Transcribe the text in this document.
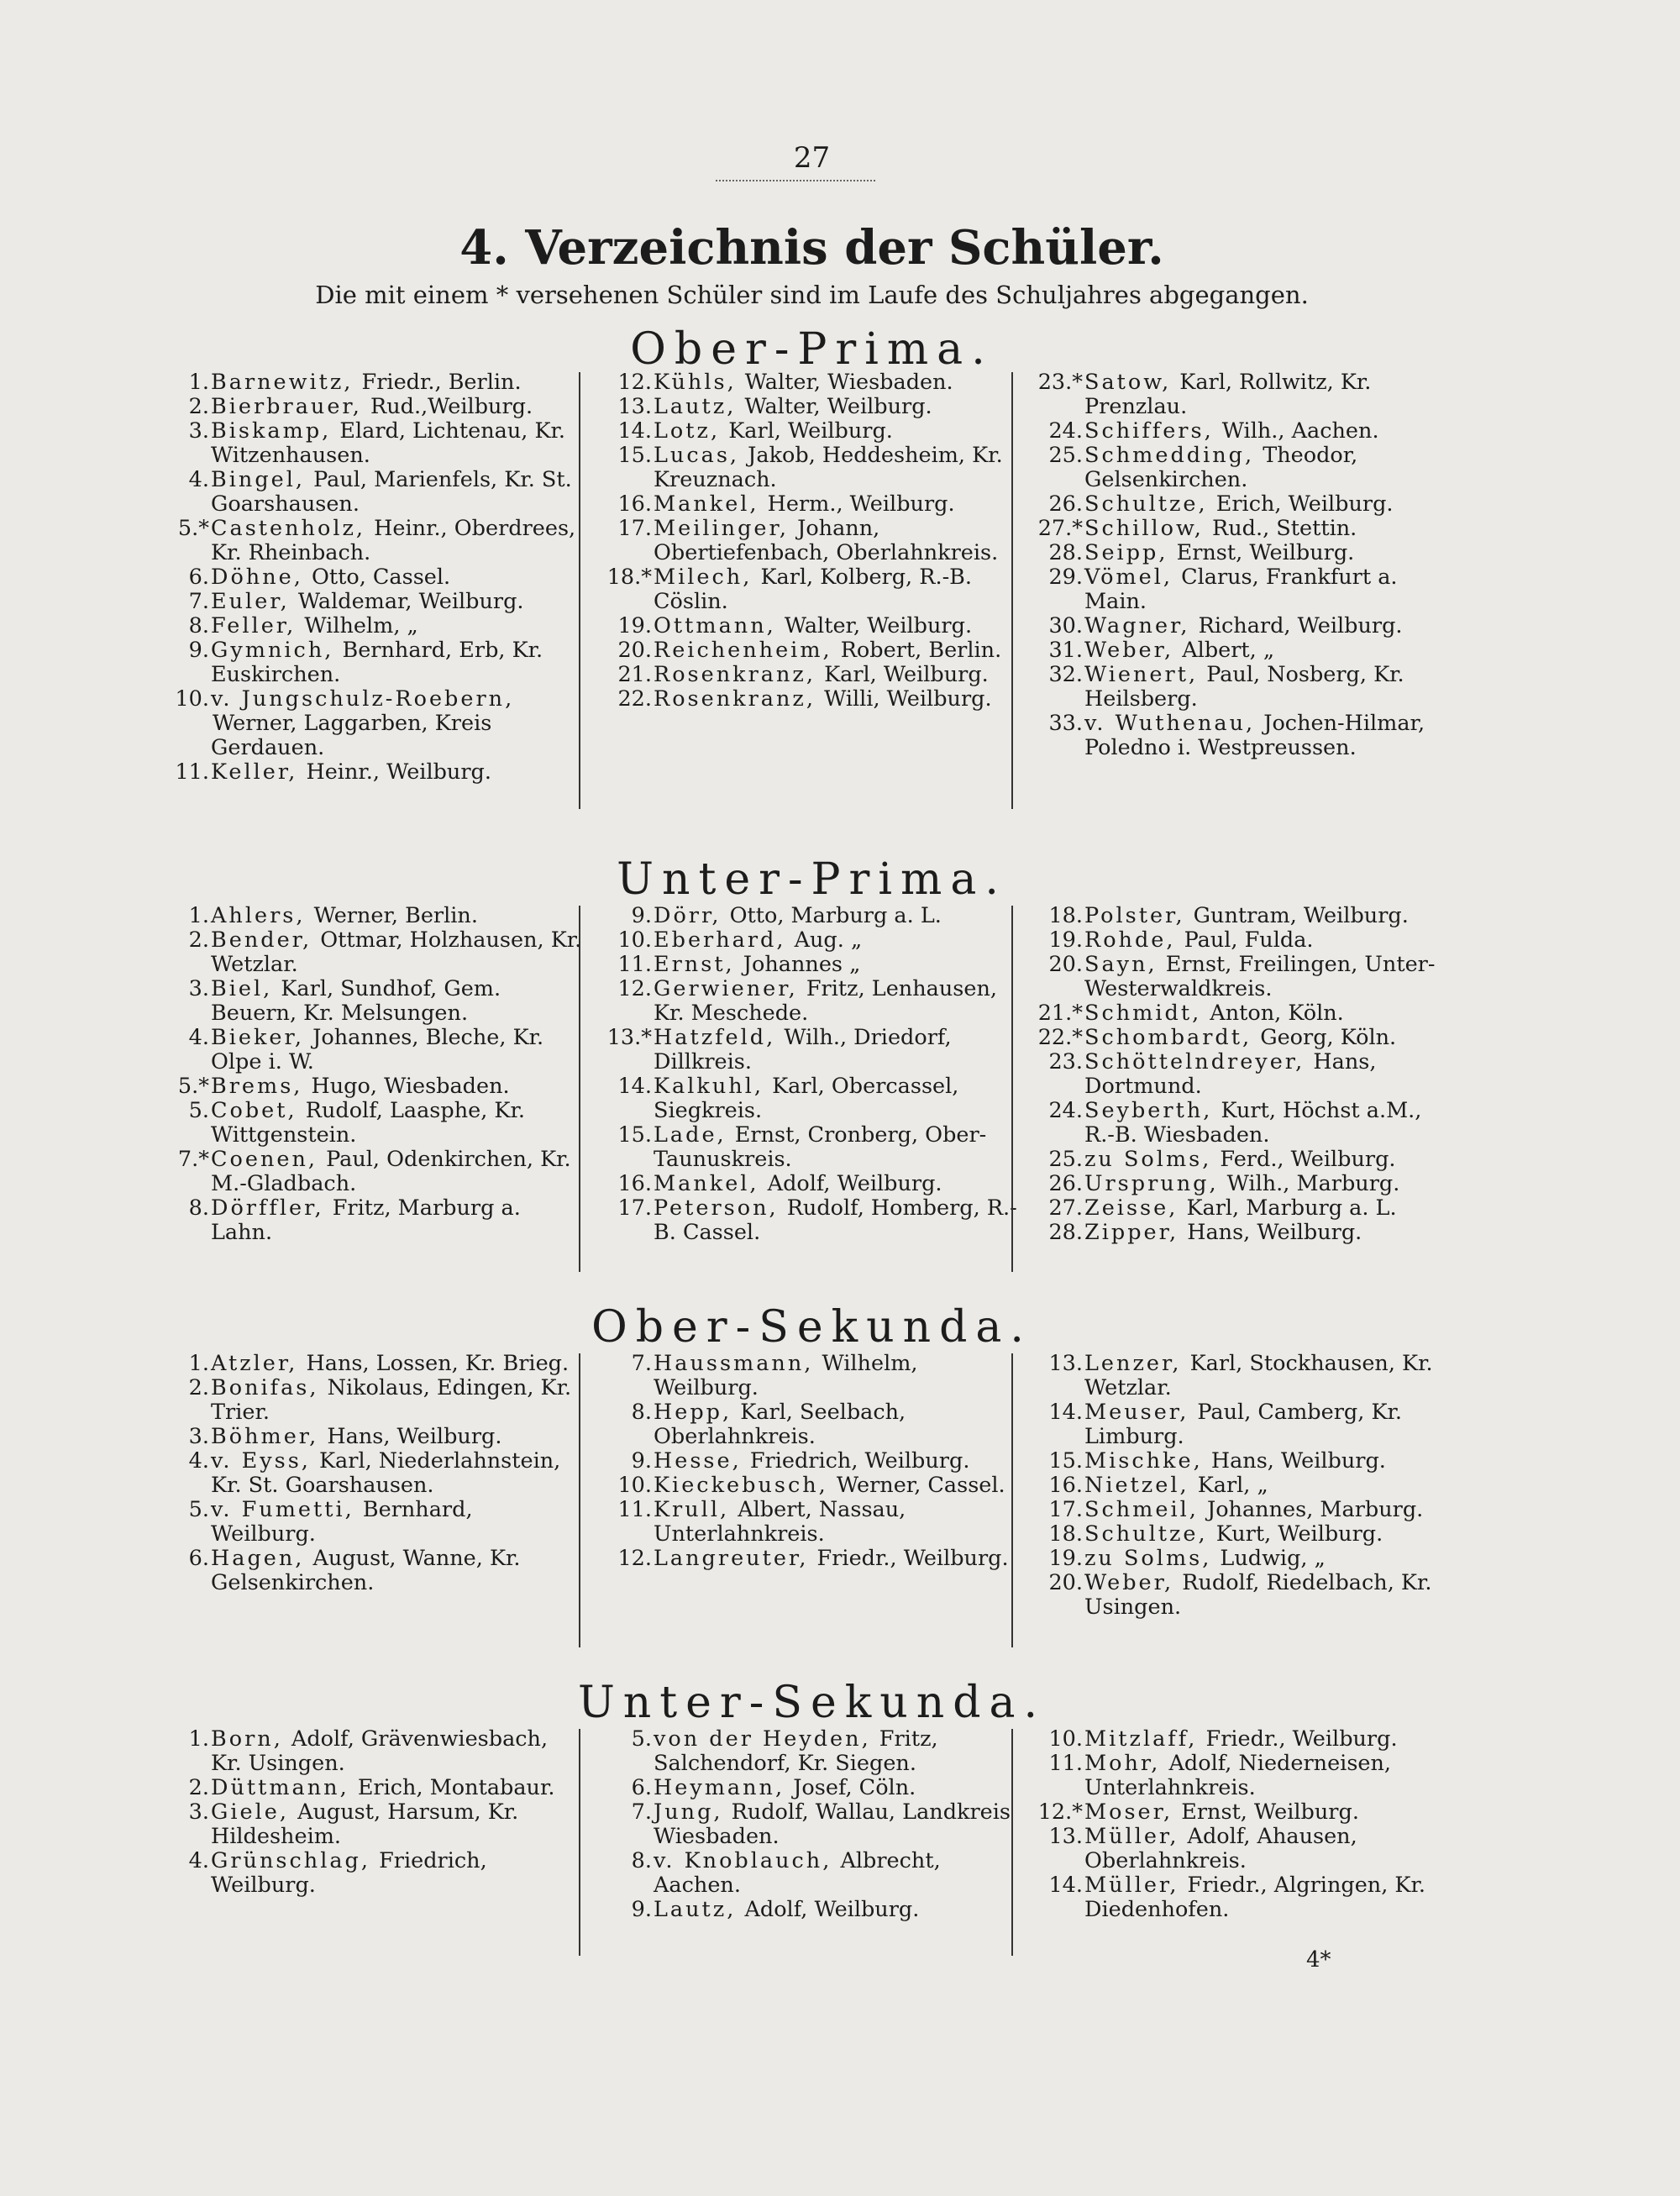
27
4. Verzeichnis der Schüler.

Die mit einem * versehenen Schüler sind im Laufe des Schuljahres abgegangen.

Ober-Prima.
1. Barnewitz, Friedr., Berlin.
2. Bierbrauer, Rud.,Weilburg.
3. Biskamp, Elard, Lichtenau, Kr. Witzenhausen.
4. Bingel, Paul, Marienfels, Kr. St. Goarshausen.
5.* Castenholz, Heinr., Oberdrees, Kr. Rheinbach.
6. Döhne, Otto, Cassel.
7. Euler, Waldemar, Weilburg.
8. Feller, Wilhelm, „
9. Gymnich, Bernhard, Erb, Kr. Euskirchen.
10. v. Jungschulz-Roebern, Werner, Laggarben, Kreis Gerdauen.
11. Keller, Heinr., Weilburg.
12. Kühls, Walter, Wiesbaden.
13. Lautz, Walter, Weilburg.
14. Lotz, Karl, Weilburg.
15. Lucas, Jakob, Heddesheim, Kr. Kreuznach.
16. Mankel, Herm., Weilburg.
17. Meilinger, Johann, Obertiefenbach, Oberlahnkreis.
18.* Milech, Karl, Kolberg, R.-B. Cöslin.
19. Ottmann, Walter, Weilburg.
20. Reichenheim, Robert, Berlin.
21. Rosenkranz, Karl, Weilburg.
22. Rosenkranz, Willi, Weilburg.
23.* Satow, Karl, Rollwitz, Kr. Prenzlau.
24. Schiffers, Wilh., Aachen.
25. Schmedding, Theodor, Gelsenkirchen.
26. Schultze, Erich, Weilburg.
27.* Schillow, Rud., Stettin.
28. Seipp, Ernst, Weilburg.
29. Vömel, Clarus, Frankfurt a. Main.
30. Wagner, Richard, Weilburg.
31. Weber, Albert, „
32. Wienert, Paul, Nosberg, Kr. Heilsberg.
33. v. Wuthenau, Jochen-Hilmar, Poledno i. Westpreussen.
Unter-Prima.
1. Ahlers, Werner, Berlin.
2. Bender, Ottmar, Holzhausen, Kr. Wetzlar.
3. Biel, Karl, Sundhof, Gem. Beuern, Kr. Melsungen.
4. Bieker, Johannes, Bleche, Kr. Olpe i. W.
5.* Brems, Hugo, Wiesbaden.
5. Cobet, Rudolf, Laasphe, Kr. Wittgenstein.
7.* Coenen, Paul, Odenkirchen, Kr. M.-Gladbach.
8. Dörffler, Fritz, Marburg a. Lahn.
9. Dörr, Otto, Marburg a. L.
10. Eberhard, Aug. „
11. Ernst, Johannes „
12. Gerwiener, Fritz, Lenhausen, Kr. Meschede.
13.* Hatzfeld, Wilh., Driedorf, Dillkreis.
14. Kalkuhl, Karl, Obercassel, Siegkreis.
15. Lade, Ernst, Cronberg, Ober-Taunuskreis.
16. Mankel, Adolf, Weilburg.
17. Peterson, Rudolf, Homberg, R.-B. Cassel.
18. Polster, Guntram, Weilburg.
19. Rohde, Paul, Fulda.
20. Sayn, Ernst, Freilingen, Unter-Westerwaldkreis.
21.* Schmidt, Anton, Köln.
22.* Schombardt, Georg, Köln.
23. Schöttelndreyer, Hans, Dortmund.
24. Seyberth, Kurt, Höchst a.M., R.-B. Wiesbaden.
25. zu Solms, Ferd., Weilburg.
26. Ursprung, Wilh., Marburg.
27. Zeisse, Karl, Marburg a. L.
28. Zipper, Hans, Weilburg.
Ober-Sekunda.
1. Atzler, Hans, Lossen, Kr. Brieg.
2. Bonifas, Nikolaus, Edingen, Kr. Trier.
3. Böhmer, Hans, Weilburg.
4. v. Eyss, Karl, Niederlahnstein, Kr. St. Goarshausen.
5. v. Fumetti, Bernhard, Weilburg.
6. Hagen, August, Wanne, Kr. Gelsenkirchen.
7. Haussmann, Wilhelm, Weilburg.
8. Hepp, Karl, Seelbach, Oberlahnkreis.
9. Hesse, Friedrich, Weilburg.
10. Kieckebusch, Werner, Cassel.
11. Krull, Albert, Nassau, Unterlahnkreis.
12. Langreuter, Friedr., Weilburg.
13. Lenzer, Karl, Stockhausen, Kr. Wetzlar.
14. Meuser, Paul, Camberg, Kr. Limburg.
15. Mischke, Hans, Weilburg.
16. Nietzel, Karl, „
17. Schmeil, Johannes, Marburg.
18. Schultze, Kurt, Weilburg.
19. zu Solms, Ludwig, „
20. Weber, Rudolf, Riedelbach, Kr. Usingen.
Unter-Sekunda.
1. Born, Adolf, Grävenwiesbach, Kr. Usingen.
2. Düttmann, Erich, Montabaur.
3. Giele, August, Harsum, Kr. Hildesheim.
4. Grünschlag, Friedrich, Weilburg.
5. von der Heyden, Fritz, Salchendorf, Kr. Siegen.
6. Heymann, Josef, Cöln.
7. Jung, Rudolf, Wallau, Landkreis Wiesbaden.
8. v. Knoblauch, Albrecht, Aachen.
9. Lautz, Adolf, Weilburg.
10. Mitzlaff, Friedr., Weilburg.
11. Mohr, Adolf, Niederneisen, Unterlahnkreis.
12.* Moser, Ernst, Weilburg.
13. Müller, Adolf, Ahausen, Oberlahnkreis.
14. Müller, Friedr., Algringen, Kr. Diedenhofen.
4*
